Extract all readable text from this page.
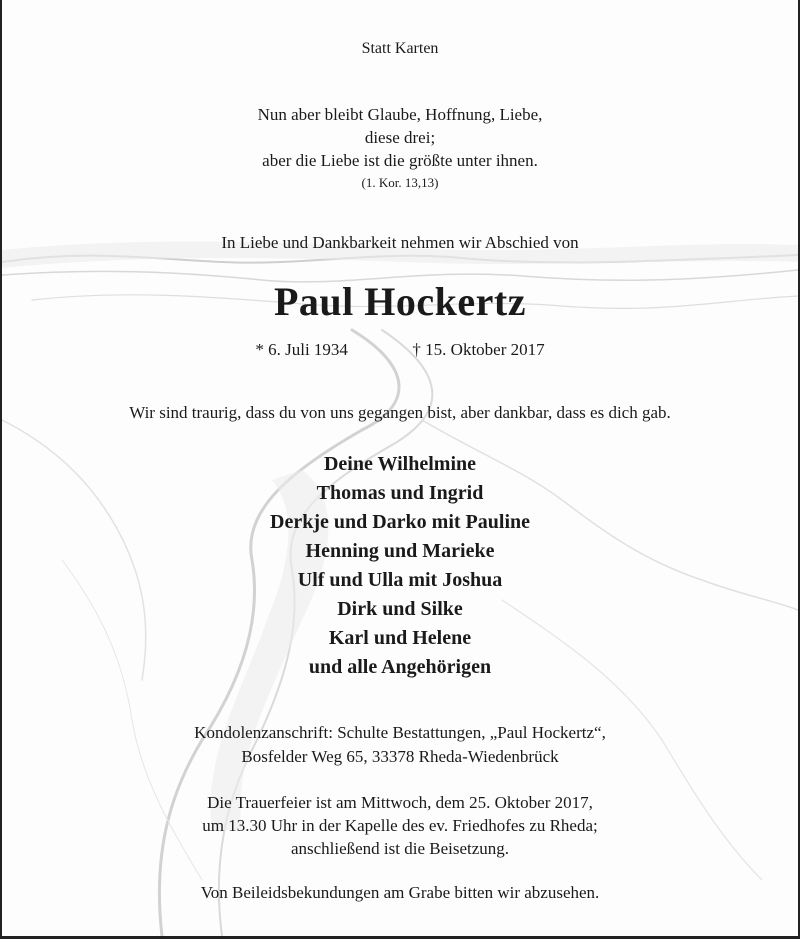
Statt Karten
Nun aber bleibt Glaube, Hoffnung, Liebe,
diese drei;
aber die Liebe ist die größte unter ihnen.
(1. Kor. 13,13)
In Liebe und Dankbarkeit nehmen wir Abschied von
Paul Hockertz
* 6. Juli 1934	† 15. Oktober 2017
Wir sind traurig, dass du von uns gegangen bist, aber dankbar, dass es dich gab.
Deine Wilhelmine
Thomas und Ingrid
Derkje und Darko mit Pauline
Henning und Marieke
Ulf und Ulla mit Joshua
Dirk und Silke
Karl und Helene
und alle Angehörigen
Kondolenzanschrift: Schulte Bestattungen, „Paul Hockertz“,
Bosfelder Weg 65, 33378 Rheda-Wiedenbrück
Die Trauerfeier ist am Mittwoch, dem 25. Oktober 2017,
um 13.30 Uhr in der Kapelle des ev. Friedhofes zu Rheda;
anschließend ist die Beisetzung.
Von Beileidsbekundungen am Grabe bitten wir abzusehen.
